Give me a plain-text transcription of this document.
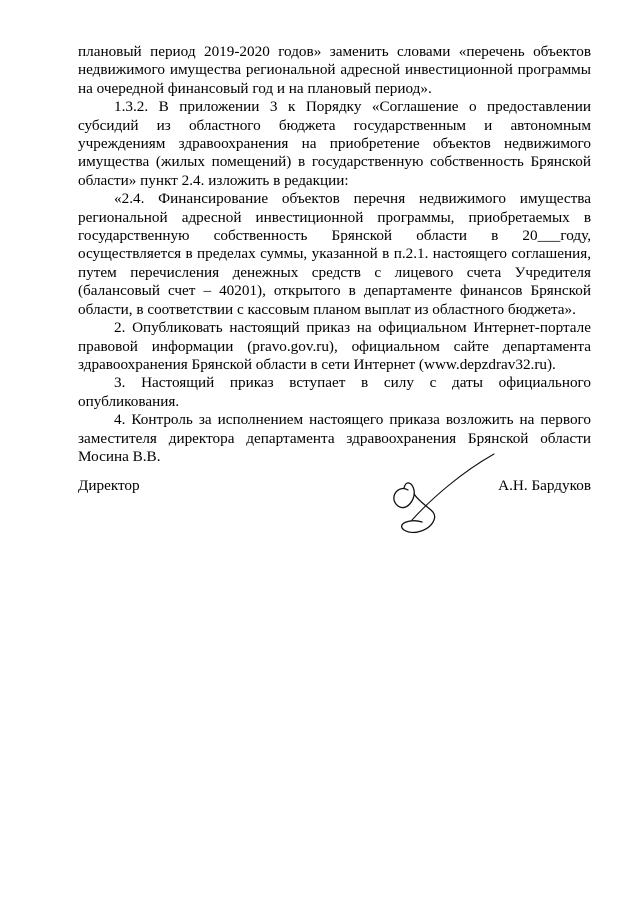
плановый период 2019-2020 годов» заменить словами «перечень объектов недвижимого имущества региональной адресной инвестиционной программы на очередной финансовый год и на плановый период».

1.3.2. В приложении 3 к Порядку «Соглашение о предоставлении субсидий из областного бюджета государственным и автономным учреждениям здравоохранения на приобретение объектов недвижимого имущества (жилых помещений) в государственную собственность Брянской области» пункт 2.4. изложить в редакции:

«2.4. Финансирование объектов перечня недвижимого имущества региональной адресной инвестиционной программы, приобретаемых в государственную собственность Брянской области в 20___году, осуществляется в пределах суммы, указанной в п.2.1. настоящего соглашения, путем перечисления денежных средств с лицевого счета Учредителя (балансовый счет – 40201), открытого в департаменте финансов Брянской области, в соответствии с кассовым планом выплат из областного бюджета».

2. Опубликовать настоящий приказ на официальном Интернет-портале правовой информации (pravo.gov.ru), официальном сайте департамента здравоохранения Брянской области в сети Интернет (www.depzdrav32.ru).

3. Настоящий приказ вступает в силу с даты официального опубликования.

4. Контроль за исполнением настоящего приказа возложить на первого заместителя директора департамента здравоохранения Брянской области Мосина В.В.

Директор	А.Н. Бардуков
